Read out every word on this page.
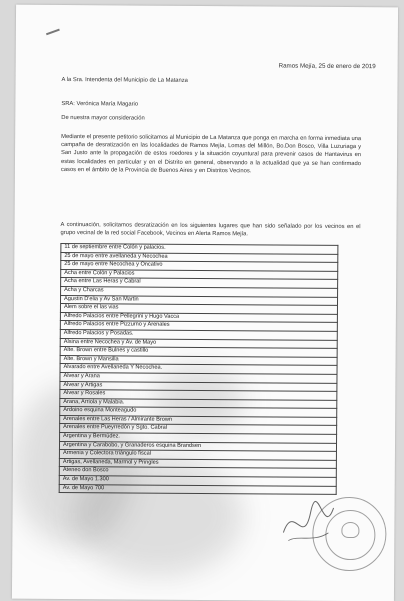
Ramos Mejía, 25 de enero de 2019
A la Sra. Intendenta del Municipio de La Matanza
SRA: Verónica María Magario
De nuestra mayor consideración
Mediante el presente petitorio solicitamos al Municipio de La Matanza que ponga en marcha en forma inmediata una campaña de desratización en las localidades de Ramos Mejía, Lomas del Millón, Bo.Don Bosco, Villa Luzuriaga y San Justo ante la propagación de estos roedores y la situación coyuntural para prevenir casos de Hantavirus en estas localidades en particular y en el Distrito en general, observando a la actualidad que ya se han confirmado casos en el ámbito de la Provincia de Buenos Aires y en Distritos Vecinos.
A continuación, solicitamos desratización en los siguientes lugares que han sido señalado por los vecinos en el grupo vecinal de la red social Facebook, Vecinos en Alerta Ramos Mejía.
11 de septiembre entre Colón y palacios.
25 de mayo entre avellaneda y Necochea
25 de mayo entre Necochea y Oncativo
Acha entre Colón y Palacios
Acha entre Las Heras y Cabral
Acha y Charcas
Agustin D'elia y Av San Martin
Alem sobre el las vias
Alfredo Palacios entre Pellegrini y Hugo Vacca
Alfredo Palacios entre Pizzurno y Arenales
Alfredo Palacios y Posadas.
Alsina entre Necochea y Av. de Mayo
Alte. Brown entre Bulnes y castillo
Alte. Brown y Mansilla
Alvarado entre Avellaneda Y Necochea.
Alvear y Arana
Alvear y Artigas
Alvear y Rosales
Arana, Arriola y Malabia.
Ardoino esquina Monteagudo
Arenales entre Las Heras / Almirante Brown
Arenales entre Pueyrredón y Sgto. Cabral
Argentina y Bermúdez.
Argentina y Carabobo, y Granaderos esquina Brandsen
Armenia y Colectora triángulo fiscal
Artigas, Avellaneda, Marmol y Pringles
Ateneo don Bosco
Av. de Mayo 1.300
Av. de Mayo 700
